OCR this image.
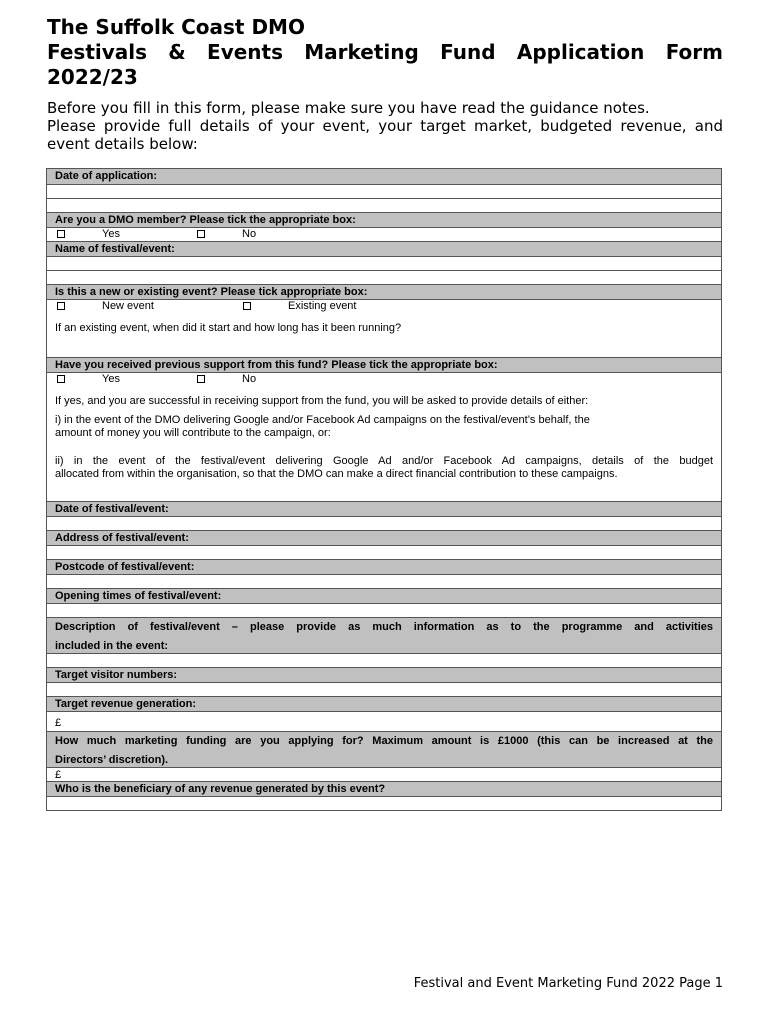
The Suffolk Coast DMO
Festivals & Events Marketing Fund Application Form
2022/23
Before you fill in this form, please make sure you have read the guidance notes.
Please provide full details of your event, your target market, budgeted revenue, and
event details below:
Date of application:
Are you a DMO member? Please tick the appropriate box:
Yes	No
Name of festival/event:
Is this a new or existing event? Please tick appropriate box:
New event	Existing event
If an existing event, when did it start and how long has it been running?
Have you received previous support from this fund? Please tick the appropriate box:
Yes	No
If yes, and you are successful in receiving support from the fund, you will be asked to provide details of either:
i) in the event of the DMO delivering Google and/or Facebook Ad campaigns on the festival/event’s behalf, the
amount of money you will contribute to the campaign, or:
ii) in the event of the festival/event delivering Google Ad and/or Facebook Ad campaigns, details of the budget
allocated from within the organisation, so that the DMO can make a direct financial contribution to these campaigns.
Date of festival/event:
Address of festival/event:
Postcode of festival/event:
Opening times of festival/event:
Description of festival/event – please provide as much information as to the programme and activities
included in the event:
Target visitor numbers:
Target revenue generation:
£
How much marketing funding are you applying for? Maximum amount is £1000 (this can be increased at the
Directors’ discretion).
£
Who is the beneficiary of any revenue generated by this event?
Festival and Event Marketing Fund 2022 Page 1
